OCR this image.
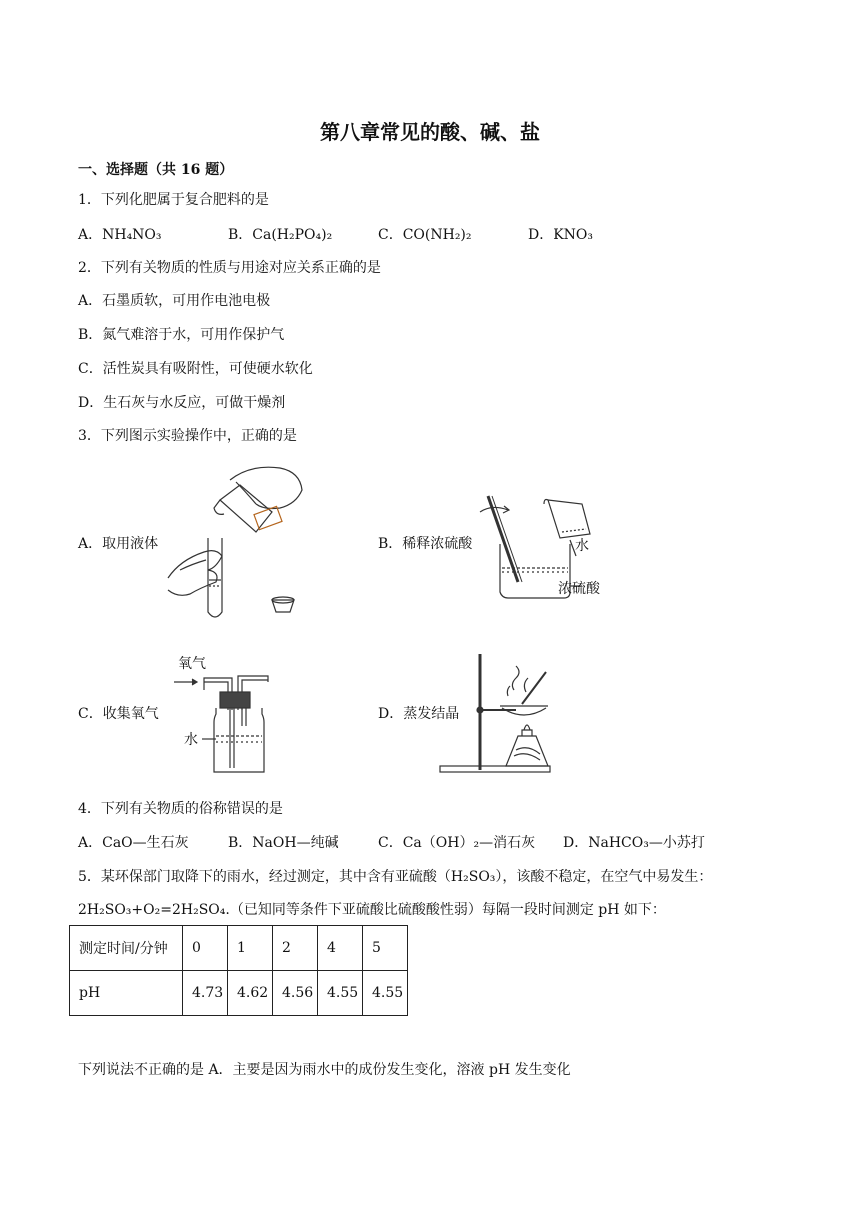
第八章常见的酸、碱、盐
一、选择题（共 16 题）
1．下列化肥属于复合肥料的是
A．NH₄NO₃	B．Ca(H₂PO₄)₂	C．CO(NH₂)₂	D．KNO₃
2．下列有关物质的性质与用途对应关系正确的是
A．石墨质软，可用作电池电极
B．氮气难溶于水，可用作保护气
C．活性炭具有吸附性，可使硬水软化
D．生石灰与水反应，可做干燥剂
3．下列图示实验操作中，正确的是
A．取用液体	B．稀释浓硫酸
C．收集氧气	D．蒸发结晶
水
浓硫酸
氧气
水
4．下列有关物质的俗称错误的是
A．CaO—生石灰	B．NaOH—纯碱	C．Ca（OH）₂—消石灰 D．NaHCO₃—小苏打
5．某环保部门取降下的雨水，经过测定，其中含有亚硫酸（H₂SO₃），该酸不稳定，在空气中易发生：
2H₂SO₃+O₂=2H₂SO₄.（已知同等条件下亚硫酸比硫酸酸性弱）每隔一段时间测定 pH 如下：
测定时间/分钟	0	1	2	4	5
pH	4.73	4.62	4.56	4.55	4.55
下列说法不正确的是 A．主要是因为雨水中的成份发生变化，溶液 pH 发生变化
